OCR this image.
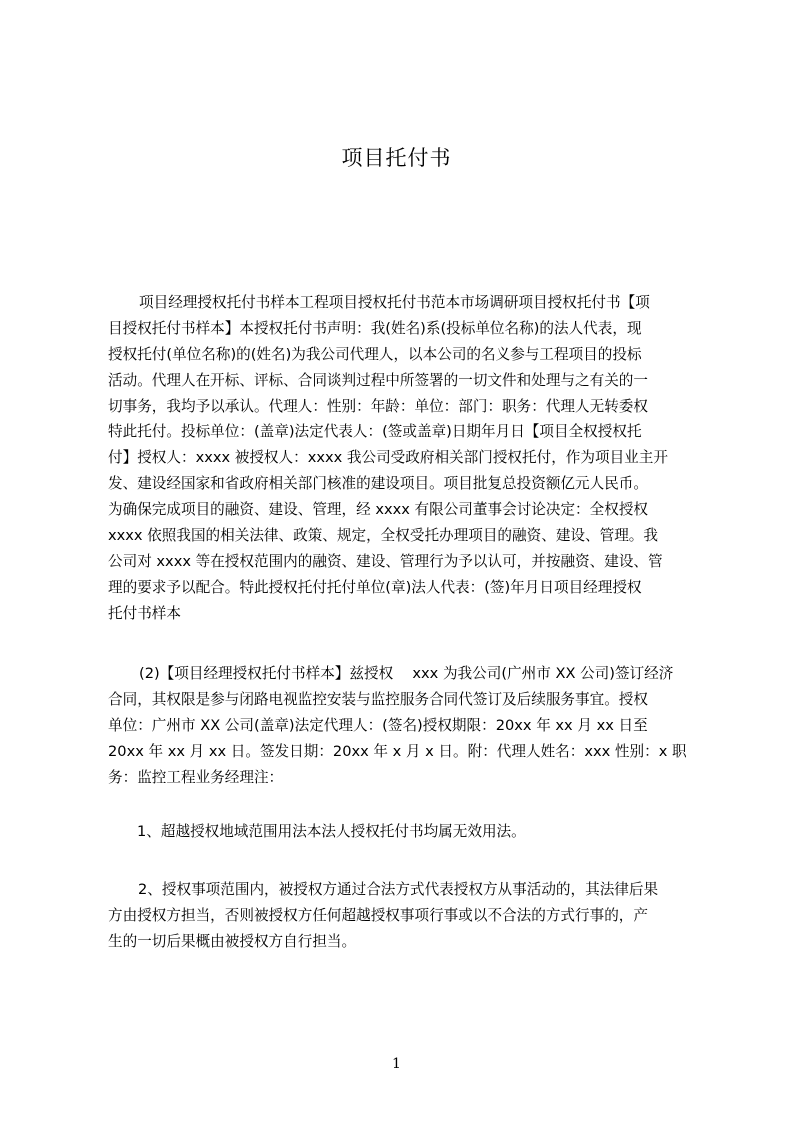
项目托付书
项目经理授权托付书样本工程项目授权托付书范本市场调研项目授权托付书【项
目授权托付书样本】本授权托付书声明：我(姓名)系(投标单位名称)的法人代表，现
授权托付(单位名称)的(姓名)为我公司代理人，以本公司的名义参与工程项目的投标
活动。代理人在开标、评标、合同谈判过程中所签署的一切文件和处理与之有关的一
切事务，我均予以承认。代理人：性别：年龄：单位：部门：职务：代理人无转委权
特此托付。投标单位：(盖章)法定代表人：(签或盖章)日期年月日【项目全权授权托
付】授权人：xxxx 被授权人：xxxx 我公司受政府相关部门授权托付，作为项目业主开
发、建设经国家和省政府相关部门核准的建设项目。项目批复总投资额亿元人民币。
为确保完成项目的融资、建设、管理，经 xxxx 有限公司董事会讨论决定：全权授权
xxxx 依照我国的相关法律、政策、规定，全权受托办理项目的融资、建设、管理。我
公司对 xxxx 等在授权范围内的融资、建设、管理行为予以认可，并按融资、建设、管
理的要求予以配合。特此授权托付托付单位(章)法人代表：(签)年月日项目经理授权
托付书样本
(2)【项目经理授权托付书样本】兹授权　 xxx 为我公司(广州市 XX 公司)签订经济
合同，其权限是参与闭路电视监控安装与监控服务合同代签订及后续服务事宜。授权
单位：广州市 XX 公司(盖章)法定代理人：(签名)授权期限：20xx 年 xx 月 xx 日至
20xx 年 xx 月 xx 日。签发日期：20xx 年 x 月 x 日。附：代理人姓名：xxx 性别：x 职
务：监控工程业务经理注：
1、超越授权地域范围用法本法人授权托付书均属无效用法。
2、授权事项范围内，被授权方通过合法方式代表授权方从事活动的，其法律后果
方由授权方担当，否则被授权方任何超越授权事项行事或以不合法的方式行事的，产
生的一切后果概由被授权方自行担当。
1
